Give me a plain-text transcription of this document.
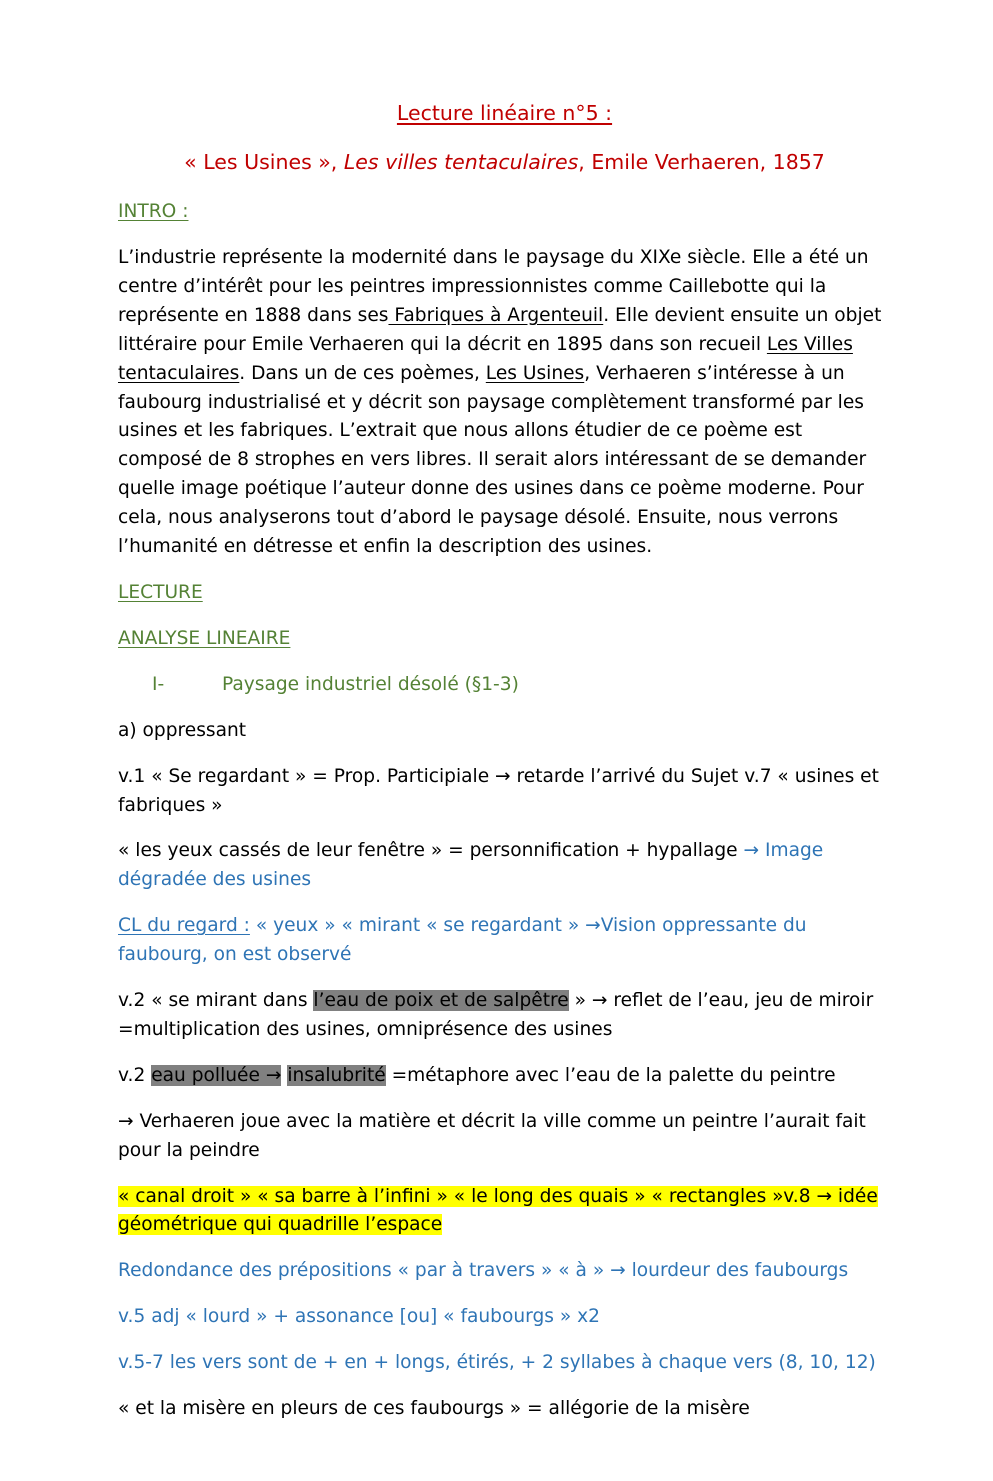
Lecture linéaire n°5 :
« Les Usines », Les villes tentaculaires, Emile Verhaeren, 1857

INTRO :

L’industrie représente la modernité dans le paysage du XIXe siècle. Elle a été un centre d’intérêt pour les peintres impressionnistes comme Caillebotte qui la représente en 1888 dans ses Fabriques à Argenteuil. Elle devient ensuite un objet littéraire pour Emile Verhaeren qui la décrit en 1895 dans son recueil Les Villes tentaculaires. Dans un de ces poèmes, Les Usines, Verhaeren s’intéresse à un faubourg industrialisé et y décrit son paysage complètement transformé par les usines et les fabriques. L’extrait que nous allons étudier de ce poème est composé de 8 strophes en vers libres. Il serait alors intéressant de se demander quelle image poétique l’auteur donne des usines dans ce poème moderne. Pour cela, nous analyserons tout d’abord le paysage désolé. Ensuite, nous verrons l’humanité en détresse et enfin la description des usines.

LECTURE

ANALYSE LINEAIRE

I-	Paysage industriel désolé (§1-3)

a) oppressant

v.1 « Se regardant » = Prop. Participiale → retarde l’arrivé du Sujet v.7 « usines et fabriques »

« les yeux cassés de leur fenêtre » = personnification + hypallage → Image dégradée des usines

CL du regard : « yeux » « mirant « se regardant » →Vision oppressante du faubourg, on est observé

v.2 « se mirant dans l’eau de poix et de salpêtre » → reflet de l’eau, jeu de miroir =multiplication des usines, omniprésence des usines

v.2 eau polluée → insalubrité =métaphore avec l’eau de la palette du peintre

→ Verhaeren joue avec la matière et décrit la ville comme un peintre l’aurait fait pour la peindre

« canal droit » « sa barre à l’infini » « le long des quais » « rectangles »v.8 → idée géométrique qui quadrille l’espace

Redondance des prépositions « par à travers » « à » → lourdeur des faubourgs

v.5 adj « lourd » + assonance [ou] « faubourgs » x2

v.5-7 les vers sont de + en + longs, étirés, + 2 syllabes à chaque vers (8, 10, 12)

« et la misère en pleurs de ces faubourgs » = allégorie de la misère
